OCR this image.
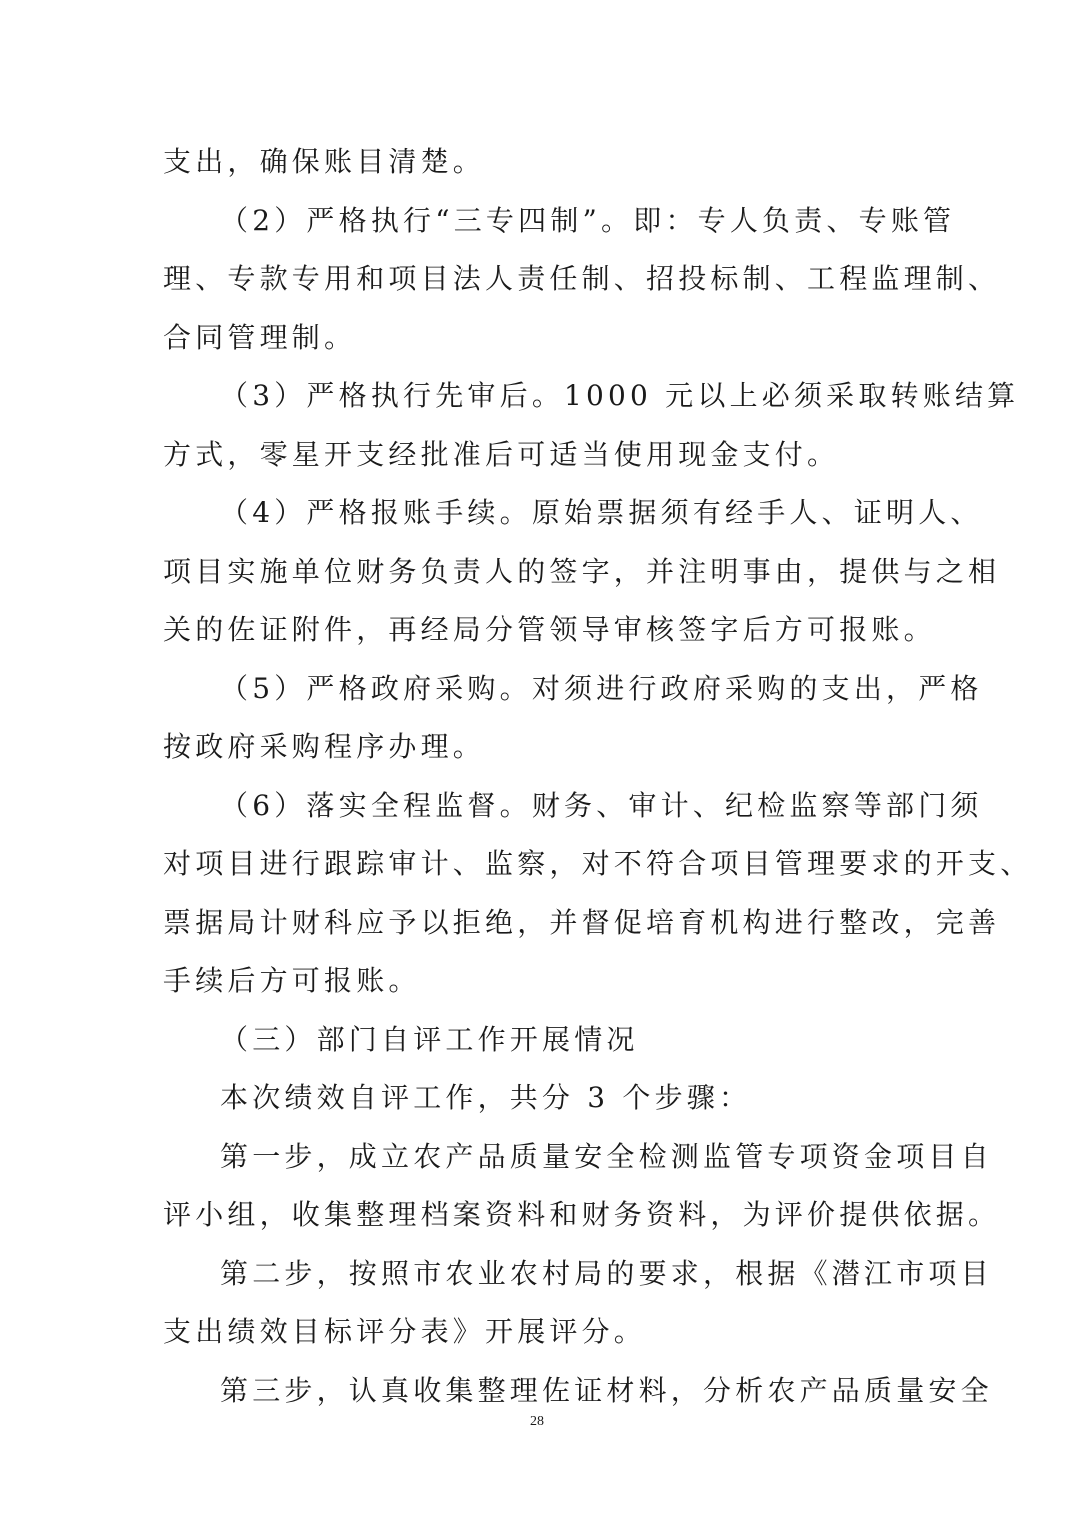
支出，确保账目清楚。
（2）严格执行“三专四制”。即：专人负责、专账管
理、专款专用和项目法人责任制、招投标制、工程监理制、
合同管理制。
（3）严格执行先审后。1000 元以上必须采取转账结算
方式，零星开支经批准后可适当使用现金支付。
（4）严格报账手续。原始票据须有经手人、证明人、
项目实施单位财务负责人的签字，并注明事由，提供与之相
关的佐证附件，再经局分管领导审核签字后方可报账。
（5）严格政府采购。对须进行政府采购的支出，严格
按政府采购程序办理。
（6）落实全程监督。财务、审计、纪检监察等部门须
对项目进行跟踪审计、监察，对不符合项目管理要求的开支、
票据局计财科应予以拒绝，并督促培育机构进行整改，完善
手续后方可报账。
（三）部门自评工作开展情况
本次绩效自评工作，共分 3 个步骤：
第一步，成立农产品质量安全检测监管专项资金项目自
评小组，收集整理档案资料和财务资料，为评价提供依据。
第二步，按照市农业农村局的要求，根据《潜江市项目
支出绩效目标评分表》开展评分。
第三步，认真收集整理佐证材料，分析农产品质量安全
28
